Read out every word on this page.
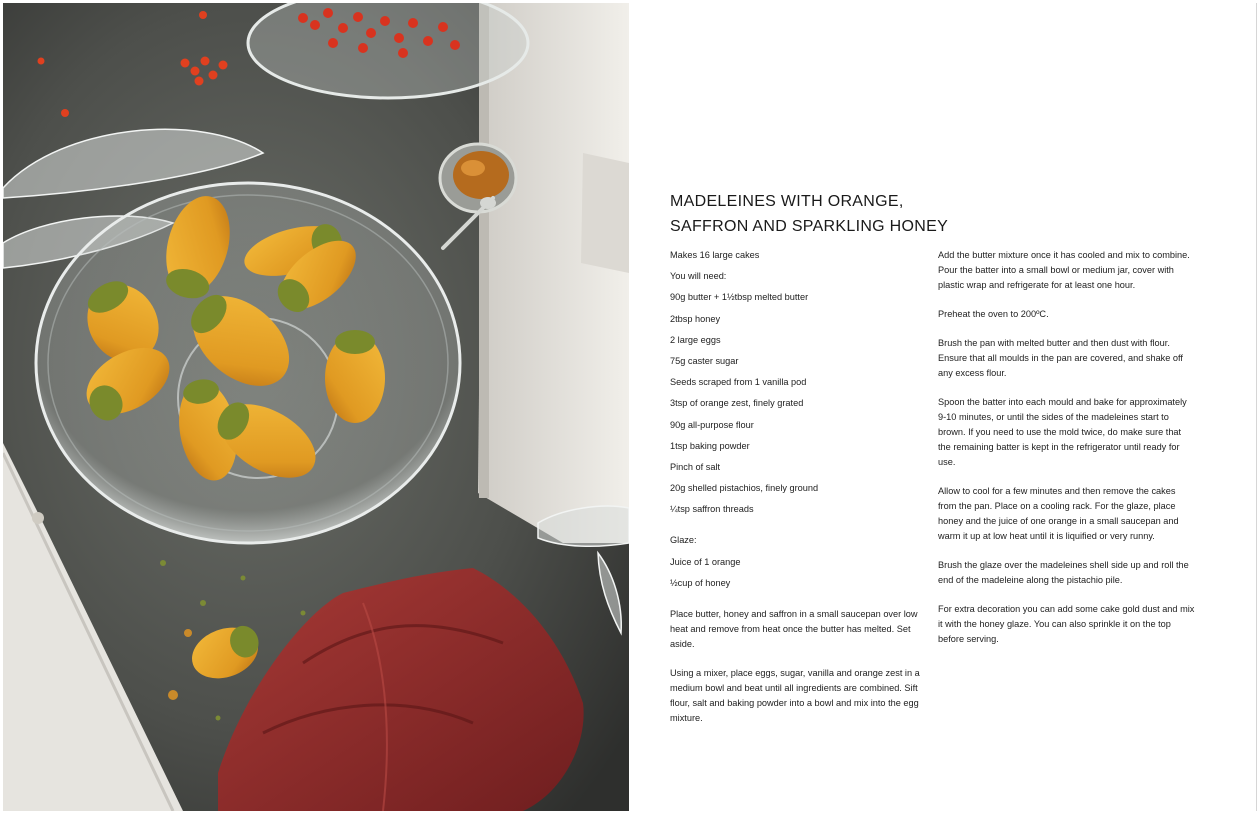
MADELEINES WITH ORANGE,
SAFFRON AND SPARKLING HONEY

Makes 16 large cakes

You will need:

90g butter + 1½tbsp melted butter
2tbsp honey
2 large eggs
75g caster sugar
Seeds scraped from 1 vanilla pod
3tsp of orange zest, finely grated
90g all-purpose flour
1tsp baking powder
Pinch of salt
20g shelled pistachios, finely ground
¼tsp saffron threads

Glaze:

Juice of 1 orange
½cup of honey

Place butter, honey and saffron in a small saucepan over low heat and remove from heat once the butter has melted. Set aside.

Using a mixer, place eggs, sugar, vanilla and orange zest in a medium bowl and beat until all ingredients are combined. Sift flour, salt and baking powder into a bowl and mix into the egg mixture.

Add the butter mixture once it has cooled and mix to combine. Pour the batter into a small bowl or medium jar, cover with plastic wrap and refrigerate for at least one hour.

Preheat the oven to 200ºC.

Brush the pan with melted butter and then dust with flour. Ensure that all moulds in the pan are covered, and shake off any excess flour.

Spoon the batter into each mould and bake for approximately 9-10 minutes, or until the sides of the madeleines start to brown. If you need to use the mold twice, do make sure that the remaining batter is kept in the refrigerator until ready for use.

Allow to cool for a few minutes and then remove the cakes from the pan. Place on a cooling rack. For the glaze, place honey and the juice of one orange in a small saucepan and warm it up at low heat until it is liquified or very runny.

Brush the glaze over the madeleines shell side up and roll the end of the madeleine along the pistachio pile.

For extra decoration you can add some cake gold dust and mix it with the honey glaze. You can also sprinkle it on the top before serving.
